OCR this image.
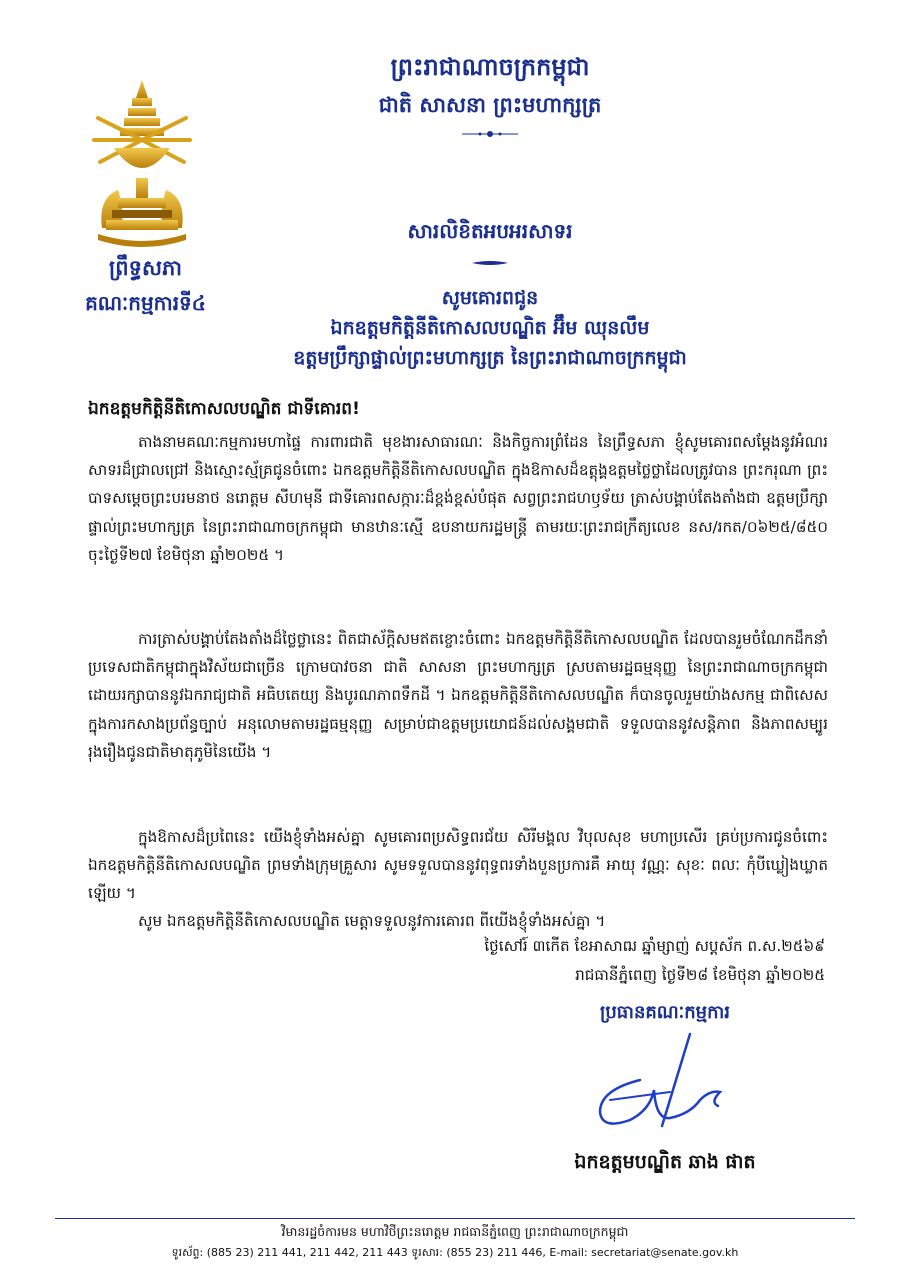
ព្រះរាជាណាចក្រកម្ពុជា
ជាតិ សាសនា ព្រះមហាក្សត្រ
ព្រឹទ្ធសភា
គណៈកម្មការទី៤
សារលិខិតអបអរសាទរ
សូមគោរពជូន
ឯកឧត្តមកិត្តិនីតិកោសលបណ្ឌិត អ៊ឹម ឈុនលឹម
ឧត្តមប្រឹក្សាផ្ទាល់ព្រះមហាក្សត្រ នៃព្រះរាជាណាចក្រកម្ពុជា
ឯកឧត្តមកិត្តិនីតិកោសលបណ្ឌិត ជាទីគោរព!
តាងនាមគណៈកម្មការមហាផ្ទៃ ការពារជាតិ មុខងារសាធារណៈ និងកិច្ចការព្រំដែន នៃព្រឹទ្ធសភា ខ្ញុំសូមគោរពសម្ដែងនូវអំណរសាទរដ៏ជ្រាលជ្រៅ និងស្មោះស្ម័គ្រជូនចំពោះ ឯកឧត្តមកិត្តិនីតិកោសលបណ្ឌិត ក្នុងឱកាសដ៏ឧត្ដុង្គឧត្ដមថ្លៃថ្លាដែលត្រូវបាន ព្រះករុណា ព្រះបាទសម្តេចព្រះបរមនាថ នរោត្តម សីហមុនី ជាទីគោរពសក្ការៈដ៏ខ្ពង់ខ្ពស់បំផុត សព្វព្រះរាជហឫទ័យ ត្រាស់បង្គាប់តែងតាំងជា ឧត្តមប្រឹក្សាផ្ទាល់ព្រះមហាក្សត្រ នៃព្រះរាជាណាចក្រកម្ពុជា មានឋានៈស្មើ ឧបនាយករដ្ឋមន្ត្រី តាមរយៈព្រះរាជក្រឹត្យលេខ នស/រកត/០៦២៥/៨៥០ ចុះថ្ងៃទី២៧ ខែមិថុនា ឆ្នាំ២០២៥ ។
ការត្រាស់បង្គាប់តែងតាំងដ៏ថ្លៃថ្លានេះ ពិតជាស័ក្តិសមឥតខ្ចោះចំពោះ ឯកឧត្តមកិត្តិនីតិកោសលបណ្ឌិត ដែលបានរួមចំណែកដឹកនាំប្រទេសជាតិកម្ពុជាក្នុងវិស័យជាច្រើន ក្រោមបាវចនា ជាតិ សាសនា ព្រះមហាក្សត្រ ស្របតាមរដ្ឋធម្មនុញ្ញ នៃព្រះរាជាណាចក្រកម្ពុជា ដោយរក្សាបាននូវឯករាជ្យជាតិ អធិបតេយ្យ និងបូរណភាពទឹកដី ។ ឯកឧត្តមកិត្តិនីតិកោសលបណ្ឌិត ក៏បានចូលរួមយ៉ាងសកម្ម ជាពិសេសក្នុងការកសាងប្រព័ន្ធច្បាប់ អនុលោមតាមរដ្ឋធម្មនុញ្ញ សម្រាប់ជាឧត្តមប្រយោជន៍ដល់សង្គមជាតិ ទទួលបាននូវសន្តិភាព និងភាពសម្បូររុងរឿងជូនជាតិមាតុភូមិនៃយើង ។
ក្នុងឱកាសដ៏ប្រពៃនេះ យើងខ្ញុំទាំងអស់គ្នា សូមគោរពប្រសិទ្ធពរជ័យ សិរីមង្គល វិបុលសុខ មហាប្រសើរ គ្រប់ប្រការជូនចំពោះ ឯកឧត្តមកិត្តិនីតិកោសលបណ្ឌិត ព្រមទាំងក្រុមគ្រួសារ សូមទទួលបាននូវពុទ្ធពរទាំងបួនប្រការគឺ អាយុ វណ្ណៈ សុខៈ ពលៈ កុំបីឃ្លៀងឃ្លាតឡើយ ។
សូម ឯកឧត្តមកិត្តិនីតិកោសលបណ្ឌិត មេត្តាទទួលនូវការគោរព ពីយើងខ្ញុំទាំងអស់គ្នា ។
ថ្ងៃសៅរ៍ ៣កើត ខែអាសាឍ ឆ្នាំម្សាញ់ សប្តស័ក ព.ស.២៥៦៩
រាជធានីភ្នំពេញ ថ្ងៃទី២៨ ខែមិថុនា ឆ្នាំ២០២៥
ប្រធានគណៈកម្មការ
ឯកឧត្តមបណ្ឌិត ឆាង ផាត
វិមានរដ្ឋចំការមន មហាវិថីព្រះនរោត្តម រាជធានីភ្នំពេញ ព្រះរាជាណាចក្រកម្ពុជា
ទូរស័ព្ទ: (885 23) 211 441, 211 442, 211 443 ទូរសារ: (855 23) 211 446, E-mail: secretariat@senate.gov.kh
